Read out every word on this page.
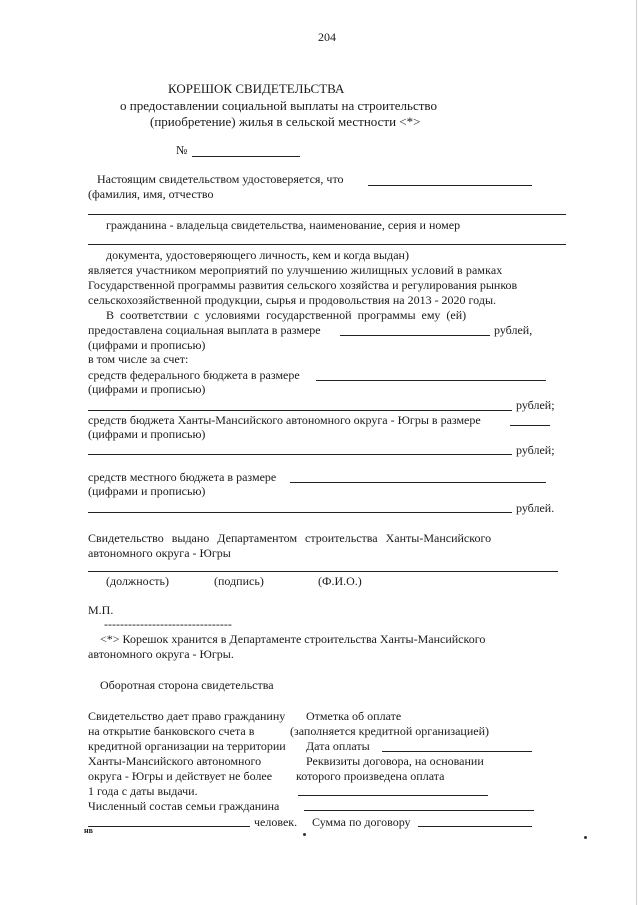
204
КОРЕШОК СВИДЕТЕЛЬСТВА
о предоставлении социальной выплаты на строительство
(приобретение) жилья в сельской местности <*>
№
Настоящим свидетельством удостоверяется, что
(фамилия, имя, отчество
гражданина - владельца свидетельства, наименование, серия и номер
документа, удостоверяющего личность, кем и когда выдан)
является участником мероприятий по улучшению жилищных условий в рамках
Государственной программы развития сельского хозяйства и регулирования рынков
сельскохозяйственной продукции, сырья и продовольствия на 2013 - 2020 годы.
В соответствии с условиями государственной программы ему (ей)
предоставлена социальная выплата в размере	рублей,
(цифрами и прописью)
в том числе за счет:
средств федерального бюджета в размере
(цифрами и прописью)
рублей;
средств бюджета Ханты-Мансийского автономного округа - Югры в размере
(цифрами и прописью)
рублей;
средств местного бюджета в размере
(цифрами и прописью)
рублей.
Свидетельство выдано Департаментом строительства Ханты-Мансийского
автономного округа - Югры
(должность)	(подпись)	(Ф.И.О.)
М.П.
--------------------------------
<*> Корешок хранится в Департаменте строительства Ханты-Мансийского
автономного округа - Югры.
Оборотная сторона свидетельства
Свидетельство дает право гражданину Отметка об оплате
на открытие банковского счета в	(заполняется кредитной организацией)
кредитной организации на территории Дата оплаты
Ханты-Мансийского автономного	Реквизиты договора, на основании
округа - Югры и действует не более которого произведена оплата
1 года с даты выдачи.
Численный состав семьи гражданина
человек. Сумма по договору
нв
